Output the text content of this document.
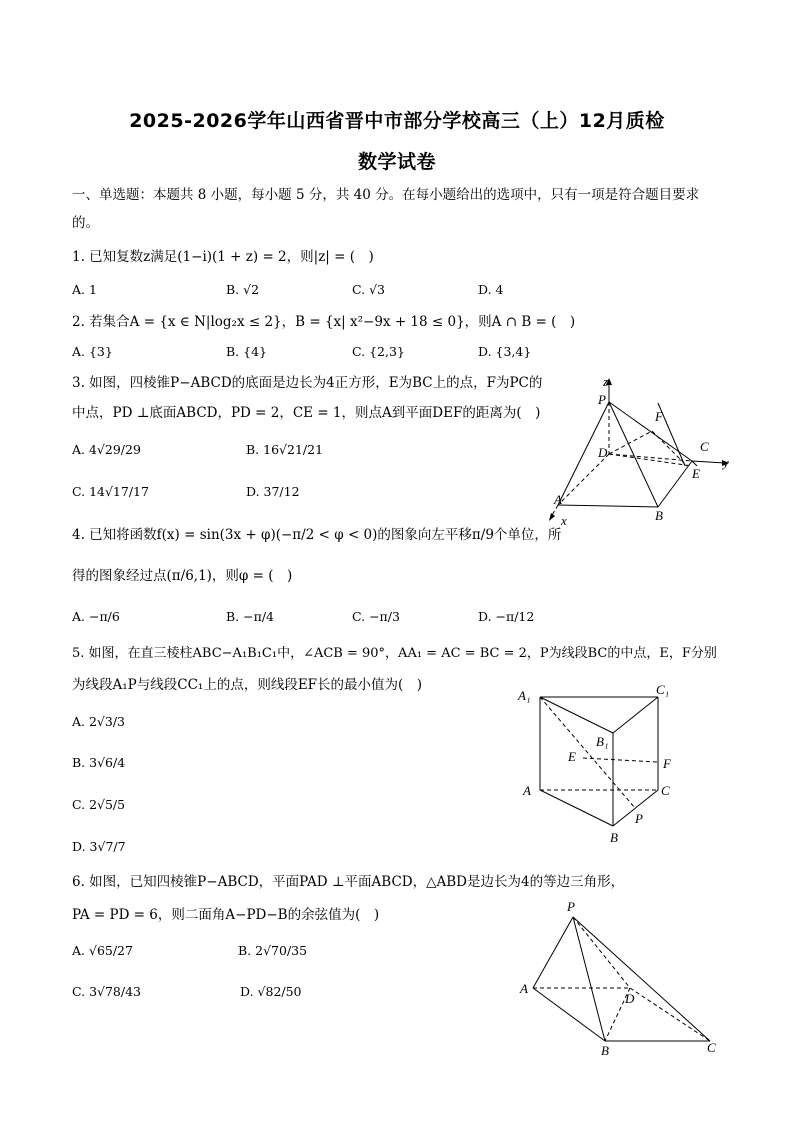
2025-2026学年山西省晋中市部分学校高三（上）12月质检
数学试卷
一、单选题：本题共 8 小题，每小题 5 分，共 40 分。在每小题给出的选项中，只有一项是符合题目要求
的。
1. 已知复数z满足(1−i)(1 + z) = 2，则|z| = (　)
A. 1	B. √2	C. √3	D. 4
2. 若集合A = {x ∈ N|log₂x ≤ 2}，B = {x| x²−9x + 18 ≤ 0}，则A ∩ B = (　)
A. {3}	B. {4}	C. {2,3}	D. {3,4}
3. 如图，四棱锥P−ABCD的底面是边长为4正方形，E为BC上的点，F为PC的
中点，PD ⊥底面ABCD，PD = 2，CE = 1，则点A到平面DEF的距离为(　)
A. 4√29/29	B. 16√21/21
C. 14√17/17	D. 37/12
z
P
F
C
y
D
E
A
B
x
4. 已知将函数f(x) = sin(3x + φ)(−π/2 < φ < 0)的图象向左平移π/9个单位，所
得的图象经过点(π/6,1)，则φ = (　)
A. −π/6	B. −π/4	C. −π/3	D. −π/12
5. 如图，在直三棱柱ABC−A₁B₁C₁中，∠ACB = 90°，AA₁ = AC = BC = 2，P为线段BC的中点，E，F分别
为线段A₁P与线段CC₁上的点，则线段EF长的最小值为(　)
A. 2√3/3
B. 3√6/4
C. 2√5/5
D. 3√7/7
A₁	C₁
B₁
E	F
A	C
P
B
6. 如图，已知四棱锥P−ABCD，平面PAD ⊥平面ABCD，△ABD是边长为4的等边三角形，
PA = PD = 6，则二面角A−PD−B的余弦值为(　)
A. √65/27	B. 2√70/35
C. 3√78/43	D. √82/50
P
A
D
B	C
